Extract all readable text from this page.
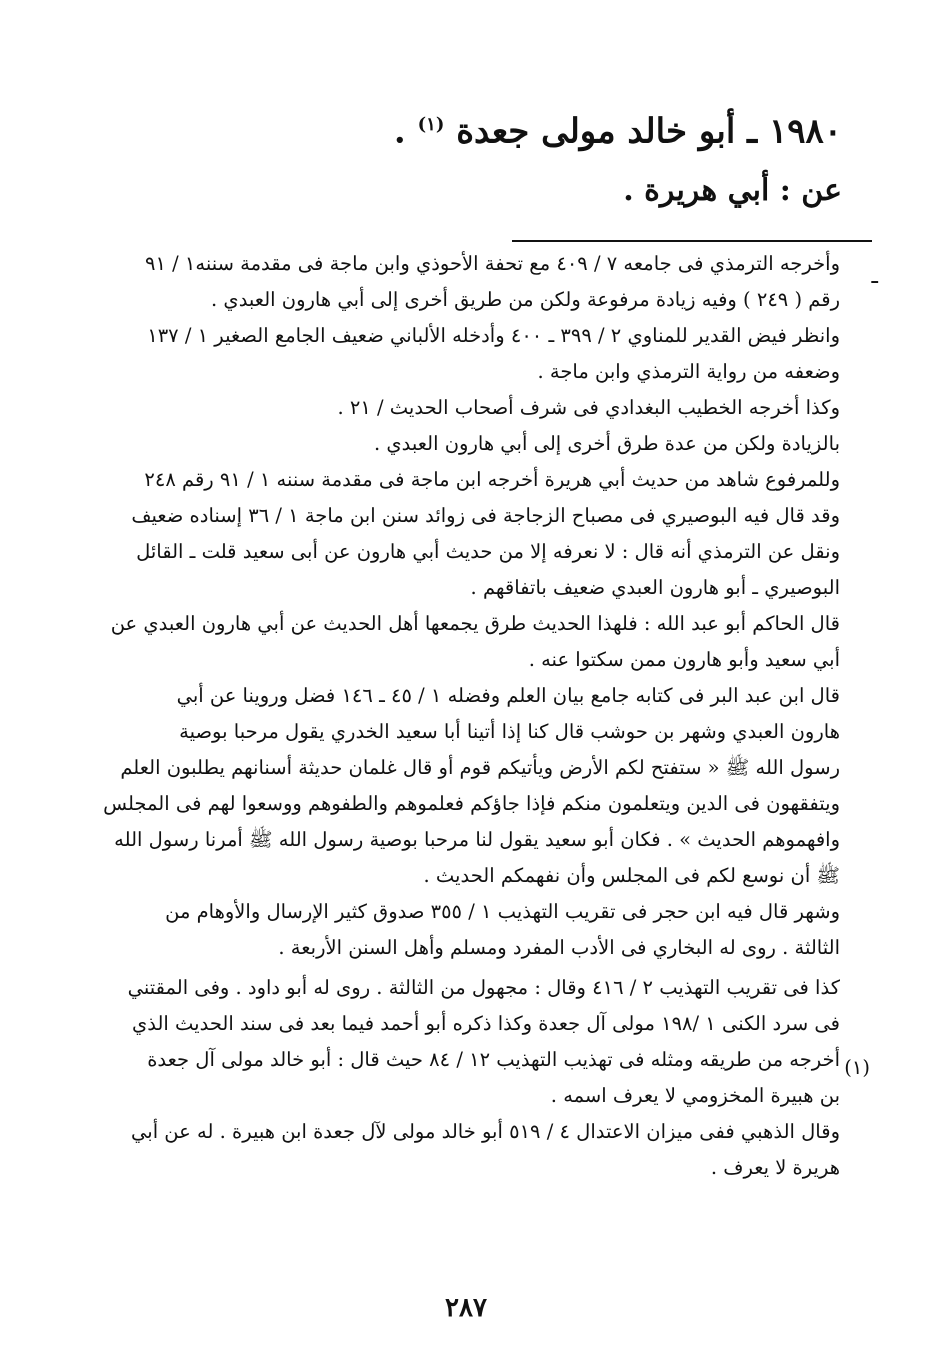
١٩٨٠ ـ أبو خالد مولى جعدة $^{(١)}$ .
عن : أبي هريرة .
ـ
وأخرجه الترمذي فى جامعه ٧ / ٤٠٩ مع تحفة الأحوذي وابن ماجة فى مقدمة سننه١ / ٩١
رقم ( ٢٤٩ ) وفيه زيادة مرفوعة ولكن من طريق أخرى إلى أبي هارون العبدي .
وانظر فيض القدير للمناوي ٢ / ٣٩٩ ـ ٤٠٠ وأدخله الألباني ضعيف الجامع الصغير ١ / ١٣٧
وضعفه من رواية الترمذي وابن ماجة .
وكذا أخرجه الخطيب البغدادي فى شرف أصحاب الحديث / ٢١ .
بالزيادة ولكن من عدة طرق أخرى إلى أبي هارون العبدي .
وللمرفوع شاهد من حديث أبي هريرة أخرجه ابن ماجة فى مقدمة سننه ١ / ٩١ رقم ٢٤٨
وقد قال فيه البوصيري فى مصباح الزجاجة فى زوائد سنن ابن ماجة ١ / ٣٦ إسناده ضعيف
ونقل عن الترمذي أنه قال : لا نعرفه إلا من حديث أبي هارون عن أبى سعيد قلت ـ القائل
البوصيري ـ أبو هارون العبدي ضعيف باتفاقهم .
قال الحاكم أبو عبد الله : فلهذا الحديث طرق يجمعها أهل الحديث عن أبي هارون العبدي عن
أبي سعيد وأبو هارون ممن سكتوا عنه .
قال ابن عبد البر فى كتابه جامع بيان العلم وفضله ١ / ٤٥ ـ ١٤٦ فضل وروينا عن أبي
هارون العبدي وشهر بن حوشب قال كنا إذا أتينا أبا سعيد الخدري يقول مرحبا بوصية
رسول الله ﷺ « ستفتح لكم الأرض ويأتيكم قوم أو قال غلمان حديثة أسنانهم يطلبون العلم
ويتفقهون فى الدين ويتعلمون منكم فإذا جاؤكم فعلموهم والطفوهم ووسعوا لهم فى المجلس
وافهموهم الحديث » . فكان أبو سعيد يقول لنا مرحبا بوصية رسول الله ﷺ أمرنا رسول الله
ﷺ أن نوسع لكم فى المجلس وأن نفهمكم الحديث .
وشهر قال فيه ابن حجر فى تقريب التهذيب ١ / ٣٥٥ صدوق كثير الإرسال والأوهام من
الثالثة . روى له البخاري فى الأدب المفرد ومسلم وأهل السنن الأربعة .
كذا فى تقريب التهذيب ٢ / ٤١٦ وقال : مجهول من الثالثة . روى له أبو داود . وفى المقتني
فى سرد الكنى ١ /١٩٨ مولى آل جعدة وكذا ذكره أبو أحمد فيما بعد فى سند الحديث الذي
أخرجه من طريقه ومثله فى تهذيب التهذيب ١٢ / ٨٤ حيث قال : أبو خالد مولى آل جعدة
بن هبيرة المخزومي لا يعرف اسمه .
وقال الذهبي ففى ميزان الاعتدال ٤ / ٥١٩ أبو خالد مولى لآل جعدة ابن هبيرة . له عن أبي
هريرة لا يعرف .
(١)
٢٨٧
